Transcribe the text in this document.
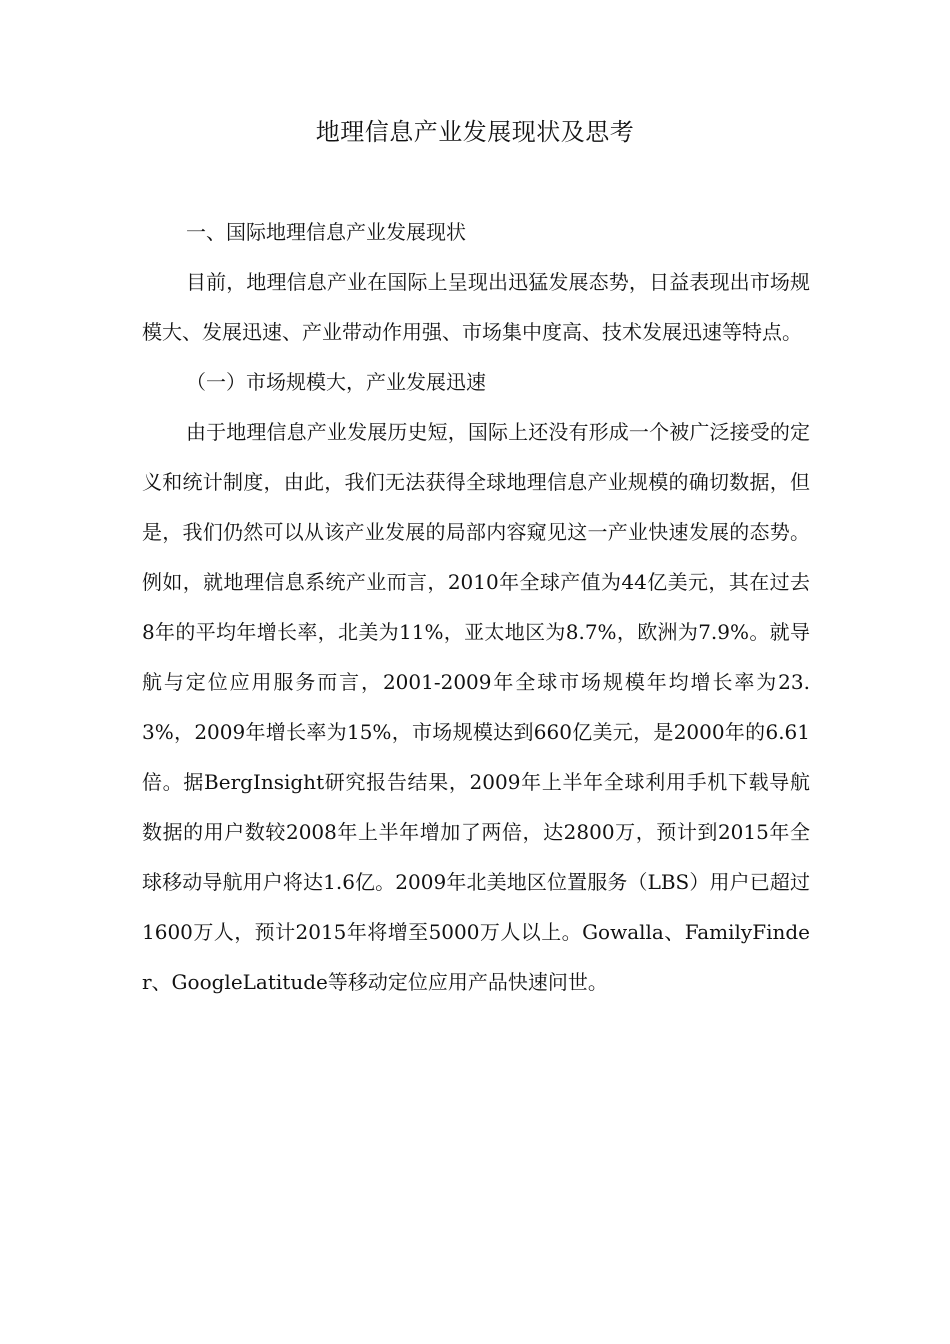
地理信息产业发展现状及思考

一、国际地理信息产业发展现状

目前，地理信息产业在国际上呈现出迅猛发展态势，日益表现出市场规模大、发展迅速、产业带动作用强、市场集中度高、技术发展迅速等特点。

（一）市场规模大，产业发展迅速

由于地理信息产业发展历史短，国际上还没有形成一个被广泛接受的定义和统计制度，由此，我们无法获得全球地理信息产业规模的确切数据，但是，我们仍然可以从该产业发展的局部内容窥见这一产业快速发展的态势。例如，就地理信息系统产业而言，2010年全球产值为44亿美元，其在过去8年的平均年增长率，北美为11%，亚太地区为8.7%，欧洲为7.9%。就导航与定位应用服务而言，2001-2009年全球市场规模年均增长率为23.3%，2009年增长率为15%，市场规模达到660亿美元，是2000年的6.61倍。据BergInsight研究报告结果，2009年上半年全球利用手机下载导航数据的用户数较2008年上半年增加了两倍，达2800万，预计到2015年全球移动导航用户将达1.6亿。2009年北美地区位置服务（LBS）用户已超过1600万人，预计2015年将增至5000万人以上。Gowalla、FamilyFinder、GoogleLatitude等移动定位应用产品快速问世。
